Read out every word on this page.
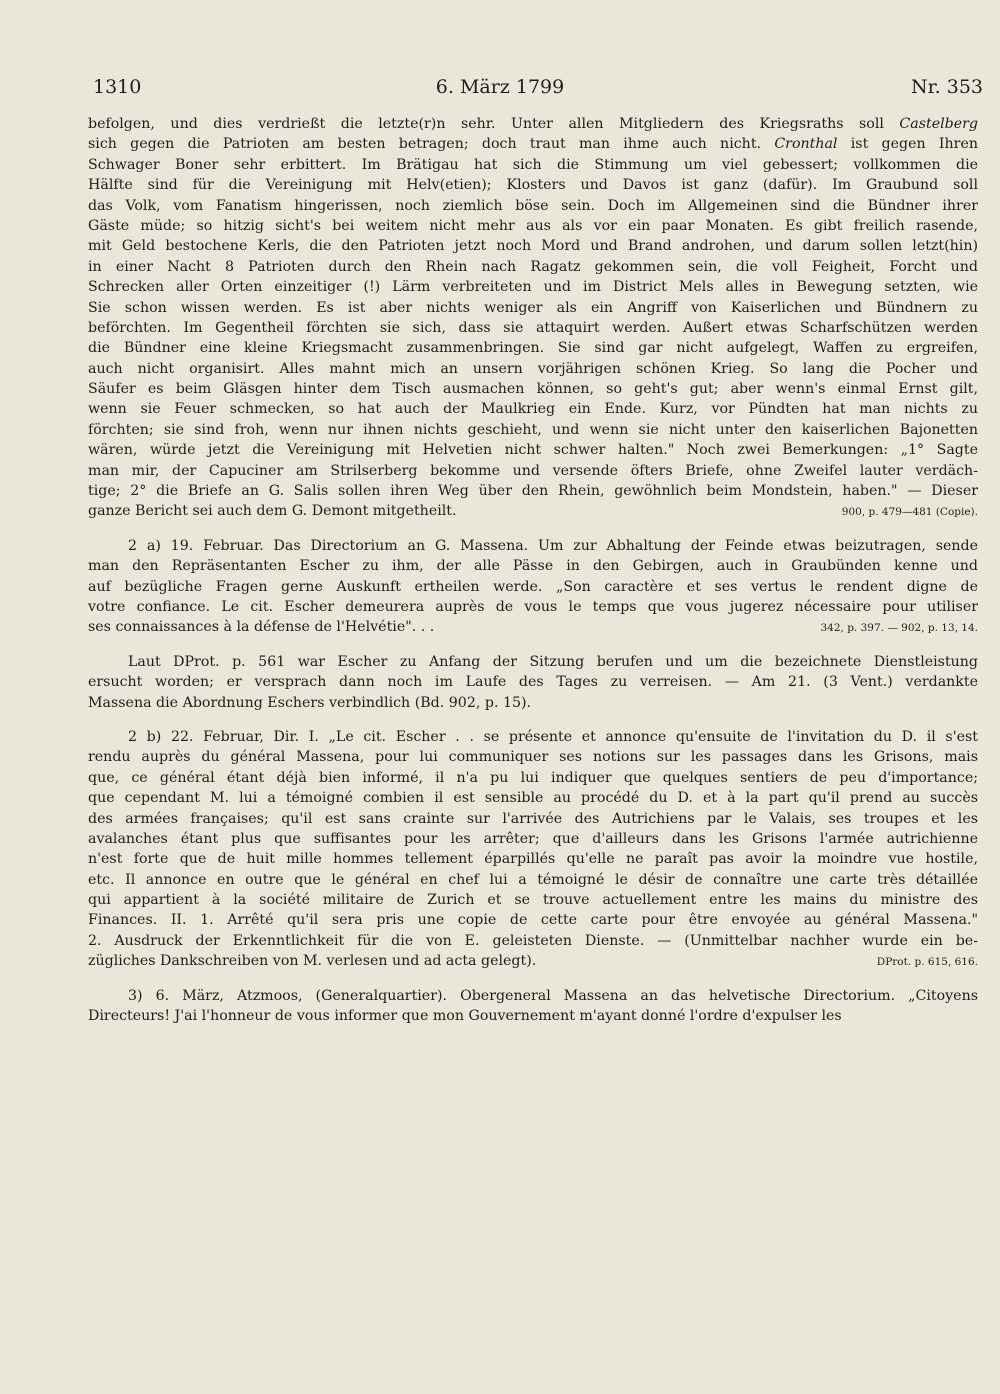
1310	6. März 1799	Nr. 353
befolgen, und dies verdrießt die letzte(r)n sehr. Unter allen Mitgliedern des Kriegsraths soll Castelberg
sich gegen die Patrioten am besten betragen; doch traut man ihme auch nicht. Cronthal ist gegen Ihren
Schwager Boner sehr erbittert. Im Brätigau hat sich die Stimmung um viel gebessert; vollkommen die
Hälfte sind für die Vereinigung mit Helv(etien); Klosters und Davos ist ganz (dafür). Im Graubund soll
das Volk, vom Fanatism hingerissen, noch ziemlich böse sein. Doch im Allgemeinen sind die Bündner ihrer
Gäste müde; so hitzig sicht's bei weitem nicht mehr aus als vor ein paar Monaten. Es gibt freilich rasende,
mit Geld bestochene Kerls, die den Patrioten jetzt noch Mord und Brand androhen, und darum sollen letzt(hin)
in einer Nacht 8 Patrioten durch den Rhein nach Ragatz gekommen sein, die voll Feigheit, Forcht und
Schrecken aller Orten einzeitiger (!) Lärm verbreiteten und im District Mels alles in Bewegung setzten, wie
Sie schon wissen werden. Es ist aber nichts weniger als ein Angriff von Kaiserlichen und Bündnern zu
beförchten. Im Gegentheil förchten sie sich, dass sie attaquirt werden. Außert etwas Scharfschützen werden
die Bündner eine kleine Kriegsmacht zusammenbringen. Sie sind gar nicht aufgelegt, Waffen zu ergreifen,
auch nicht organisirt. Alles mahnt mich an unsern vorjährigen schönen Krieg. So lang die Pocher und
Säufer es beim Gläsgen hinter dem Tisch ausmachen können, so geht's gut; aber wenn's einmal Ernst gilt,
wenn sie Feuer schmecken, so hat auch der Maulkrieg ein Ende. Kurz, vor Pündten hat man nichts zu
förchten; sie sind froh, wenn nur ihnen nichts geschieht, und wenn sie nicht unter den kaiserlichen Bajonetten
wären, würde jetzt die Vereinigung mit Helvetien nicht schwer halten." Noch zwei Bemerkungen: „1° Sagte
man mir, der Capuciner am Strilserberg bekomme und versende öfters Briefe, ohne Zweifel lauter verdäch-
tige; 2° die Briefe an G. Salis sollen ihren Weg über den Rhein, gewöhnlich beim Mondstein, haben." — Dieser
ganze Bericht sei auch dem G. Demont mitgetheilt.	900, p. 479—481 (Copie).
2 a) 19. Februar. Das Directorium an G. Massena. Um zur Abhaltung der Feinde etwas beizutragen, sende
man den Repräsentanten Escher zu ihm, der alle Pässe in den Gebirgen, auch in Graubünden kenne und
auf bezügliche Fragen gerne Auskunft ertheilen werde. „Son caractère et ses vertus le rendent digne de
votre confiance. Le cit. Escher demeurera auprès de vous le temps que vous jugerez nécessaire pour utiliser
ses connaissances à la défense de l'Helvétie". . .	342, p. 397. — 902, p. 13, 14.
Laut DProt. p. 561 war Escher zu Anfang der Sitzung berufen und um die bezeichnete Dienstleistung
ersucht worden; er versprach dann noch im Laufe des Tages zu verreisen. — Am 21. (3 Vent.) verdankte
Massena die Abordnung Eschers verbindlich (Bd. 902, p. 15).
2 b) 22. Februar, Dir. I. „Le cit. Escher . . se présente et annonce qu'ensuite de l'invitation du D. il s'est
rendu auprès du général Massena, pour lui communiquer ses notions sur les passages dans les Grisons, mais
que, ce général étant déjà bien informé, il n'a pu lui indiquer que quelques sentiers de peu d'importance;
que cependant M. lui a témoigné combien il est sensible au procédé du D. et à la part qu'il prend au succès
des armées françaises; qu'il est sans crainte sur l'arrivée des Autrichiens par le Valais, ses troupes et les
avalanches étant plus que suffisantes pour les arrêter; que d'ailleurs dans les Grisons l'armée autrichienne
n'est forte que de huit mille hommes tellement éparpillés qu'elle ne paraît pas avoir la moindre vue hostile,
etc. Il annonce en outre que le général en chef lui a témoigné le désir de connaître une carte très détaillée
qui appartient à la société militaire de Zurich et se trouve actuellement entre les mains du ministre des
Finances. II. 1. Arrêté qu'il sera pris une copie de cette carte pour être envoyée au général Massena."
2. Ausdruck der Erkenntlichkeit für die von E. geleisteten Dienste. — (Unmittelbar nachher wurde ein be-
zügliches Dankschreiben von M. verlesen und ad acta gelegt).	DProt. p. 615, 616.
3) 6. März, Atzmoos, (Generalquartier). Obergeneral Massena an das helvetische Directorium. „Citoyens
Directeurs! J'ai l'honneur de vous informer que mon Gouvernement m'ayant donné l'ordre d'expulser les
